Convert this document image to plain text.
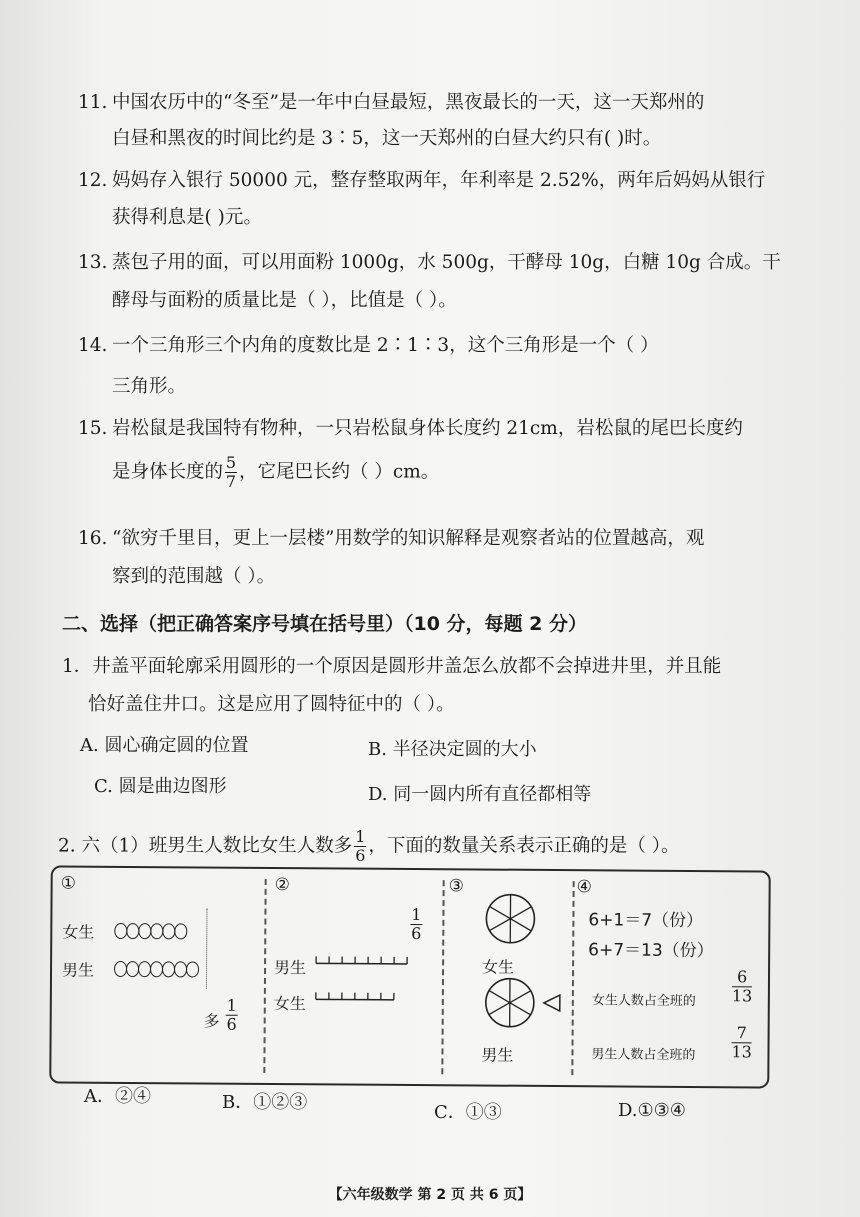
11. 中国农历中的“冬至”是一年中白昼最短，黑夜最长的一天，这一天郑州的
白昼和黑夜的时间比约是 3∶5，这一天郑州的白昼大约只有( )时。
12. 妈妈存入银行 50000 元，整存整取两年，年利率是 2.52%，两年后妈妈从银行
获得利息是( )元。
13. 蒸包子用的面，可以用面粉 1000g，水 500g，干酵母 10g，白糖 10g 合成。干
酵母与面粉的质量比是（ ），比值是（ ）。
14. 一个三角形三个内角的度数比是 2∶1∶3，这个三角形是一个（ ）
三角形。
15. 岩松鼠是我国特有物种，一只岩松鼠身体长度约 21cm，岩松鼠的尾巴长度约
是身体长度的 $\frac{5}{7}$ ，它尾巴长约（ ）cm。
16. “欲穷千里目，更上一层楼”用数学的知识解释是观察者站的位置越高，观
察到的范围越（ ）。
二、选择（把正确答案序号填在括号里）（10 分，每题 2 分）
1．井盖平面轮廓采用圆形的一个原因是圆形井盖怎么放都不会掉进井里，并且能
恰好盖住井口。这是应用了圆特征中的（ ）。
A. 圆心确定圆的位置	B. 半径决定圆的大小
C. 圆是曲边图形	D. 同一圆内所有直径都相等
2. 六（1）班男生人数比女生人数多 $\frac{1}{6}$ ，下面的数量关系表示正确的是（ ）。
①
女生
男生
多
1
6
②
1
6
男生
女生
③
女生
男生
④
6+1＝7（份）
6+7＝13（份）
女生人数占全班的
6
13
男生人数占全班的
7
13
A．②④	B．①②③	C．①③	D.①③④
【六年级数学 第 2 页 共 6 页】
